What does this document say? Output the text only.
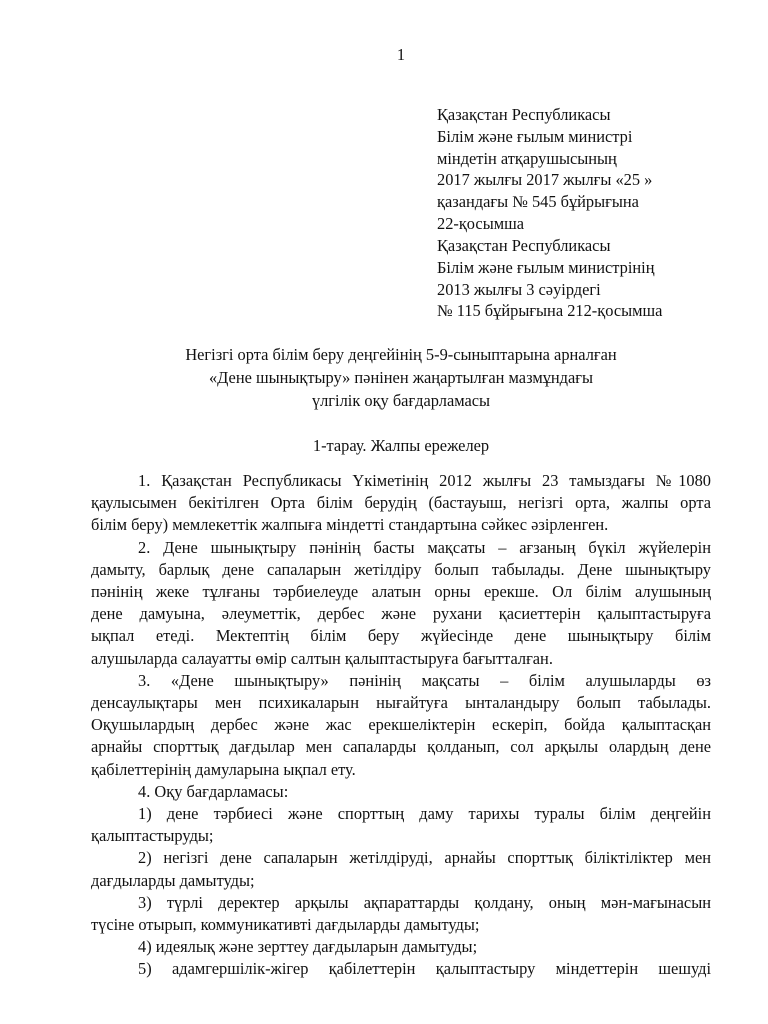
1
Қазақстан Республикасы
Білім және ғылым министрі
міндетін атқарушысының
2017 жылғы 2017 жылғы «25 »
қазандағы № 545 бұйрығына
22-қосымша
Қазақстан Республикасы
Білім және ғылым министрінің
2013 жылғы 3 сәуірдегі
№ 115 бұйрығына 212-қосымша
Негізгі орта білім беру деңгейінің 5-9-сыныптарына арналған
«Дене шынықтыру» пәнінен жаңартылған мазмұндағы
үлгілік оқу бағдарламасы
1-тарау. Жалпы ережелер
1. Қазақстан Республикасы Үкіметінің 2012 жылғы 23 тамыздағы №1080
қаулысымен бекітілген Орта білім берудің (бастауыш, негізгі орта, жалпы орта
білім беру) мемлекеттік жалпыға міндетті стандартына сәйкес әзірленген.
2. Дене шынықтыру пәнінің басты мақсаты – ағзаның бүкіл жүйелерін
дамыту, барлық дене сапаларын жетілдіру болып табылады. Дене шынықтыру
пәнінің жеке тұлғаны тәрбиелеуде алатын орны ерекше. Ол білім алушының
дене дамуына, әлеуметтік, дербес және рухани қасиеттерін қалыптастыруға
ықпал етеді. Мектептің білім беру жүйесінде дене шынықтыру білім
алушыларда салауатты өмір салтын қалыптастыруға бағытталған.
3. «Дене шынықтыру» пәнінің мақсаты – білім алушыларды өз
денсаулықтары мен психикаларын нығайтуға ынталандыру болып табылады.
Оқушылардың дербес және жас ерекшеліктерін ескеріп, бойда қалыптасқан
арнайы спорттық дағдылар мен сапаларды қолданып, сол арқылы олардың дене
қабілеттерінің дамуларына ықпал ету.
4. Оқу бағдарламасы:
1) дене тәрбиесі және спорттың даму тарихы туралы білім деңгейін
қалыптастыруды;
2) негізгі дене сапаларын жетілдіруді, арнайы спорттық біліктіліктер мен
дағдыларды дамытуды;
3) түрлі деректер арқылы ақпараттарды қолдану, оның мән-мағынасын
түсіне отырып, коммуникативті дағдыларды дамытуды;
4) идеялық және зерттеу дағдыларын дамытуды;
5) адамгершілік-жігер қабілеттерін қалыптастыру міндеттерін шешуді
